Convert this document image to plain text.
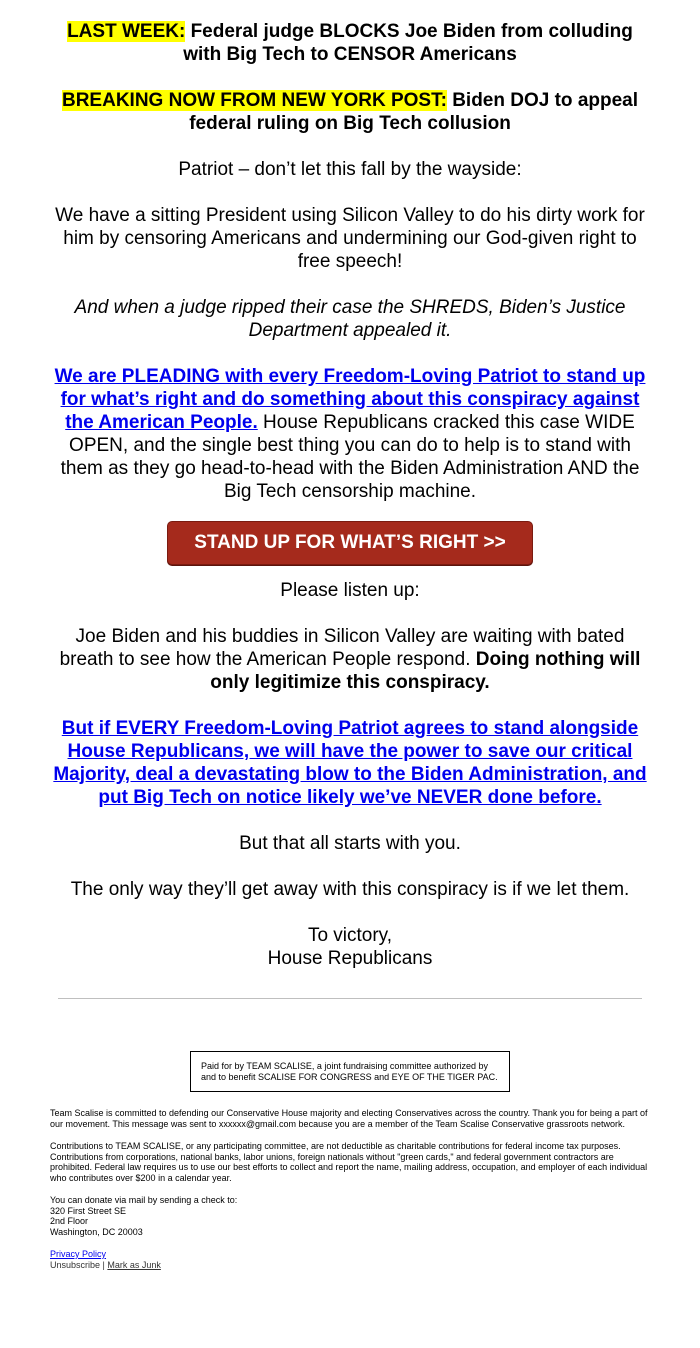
LAST WEEK: Federal judge BLOCKS Joe Biden from colluding with Big Tech to CENSOR Americans

BREAKING NOW FROM NEW YORK POST: Biden DOJ to appeal federal ruling on Big Tech collusion

Patriot – don’t let this fall by the wayside:

We have a sitting President using Silicon Valley to do his dirty work for him by censoring Americans and undermining our God-given right to free speech!

And when a judge ripped their case the SHREDS, Biden’s Justice Department appealed it.

We are PLEADING with every Freedom-Loving Patriot to stand up for what’s right and do something about this conspiracy against the American People. House Republicans cracked this case WIDE OPEN, and the single best thing you can do to help is to stand with them as they go head-to-head with the Biden Administration AND the Big Tech censorship machine.

STAND UP FOR WHAT’S RIGHT >>

Please listen up:

Joe Biden and his buddies in Silicon Valley are waiting with bated breath to see how the American People respond. Doing nothing will only legitimize this conspiracy.

But if EVERY Freedom-Loving Patriot agrees to stand alongside House Republicans, we will have the power to save our critical Majority, deal a devastating blow to the Biden Administration, and put Big Tech on notice likely we’ve NEVER done before.

But that all starts with you.

The only way they’ll get away with this conspiracy is if we let them.

To victory,

House Republicans

Paid for by TEAM SCALISE, a joint fundraising committee authorized by and to benefit SCALISE FOR CONGRESS and EYE OF THE TIGER PAC.

Team Scalise is committed to defending our Conservative House majority and electing Conservatives across the country. Thank you for being a part of our movement. This message was sent to xxxxxx@gmail.com because you are a member of the Team Scalise Conservative grassroots network.

Contributions to TEAM SCALISE, or any participating committee, are not deductible as charitable contributions for federal income tax purposes. Contributions from corporations, national banks, labor unions, foreign nationals without "green cards," and federal government contractors are prohibited. Federal law requires us to use our best efforts to collect and report the name, mailing address, occupation, and employer of each individual who contributes over $200 in a calendar year.

You can donate via mail by sending a check to:

320 First Street SE

2nd Floor

Washington, DC 20003

Privacy Policy

Unsubscribe | Mark as Junk
